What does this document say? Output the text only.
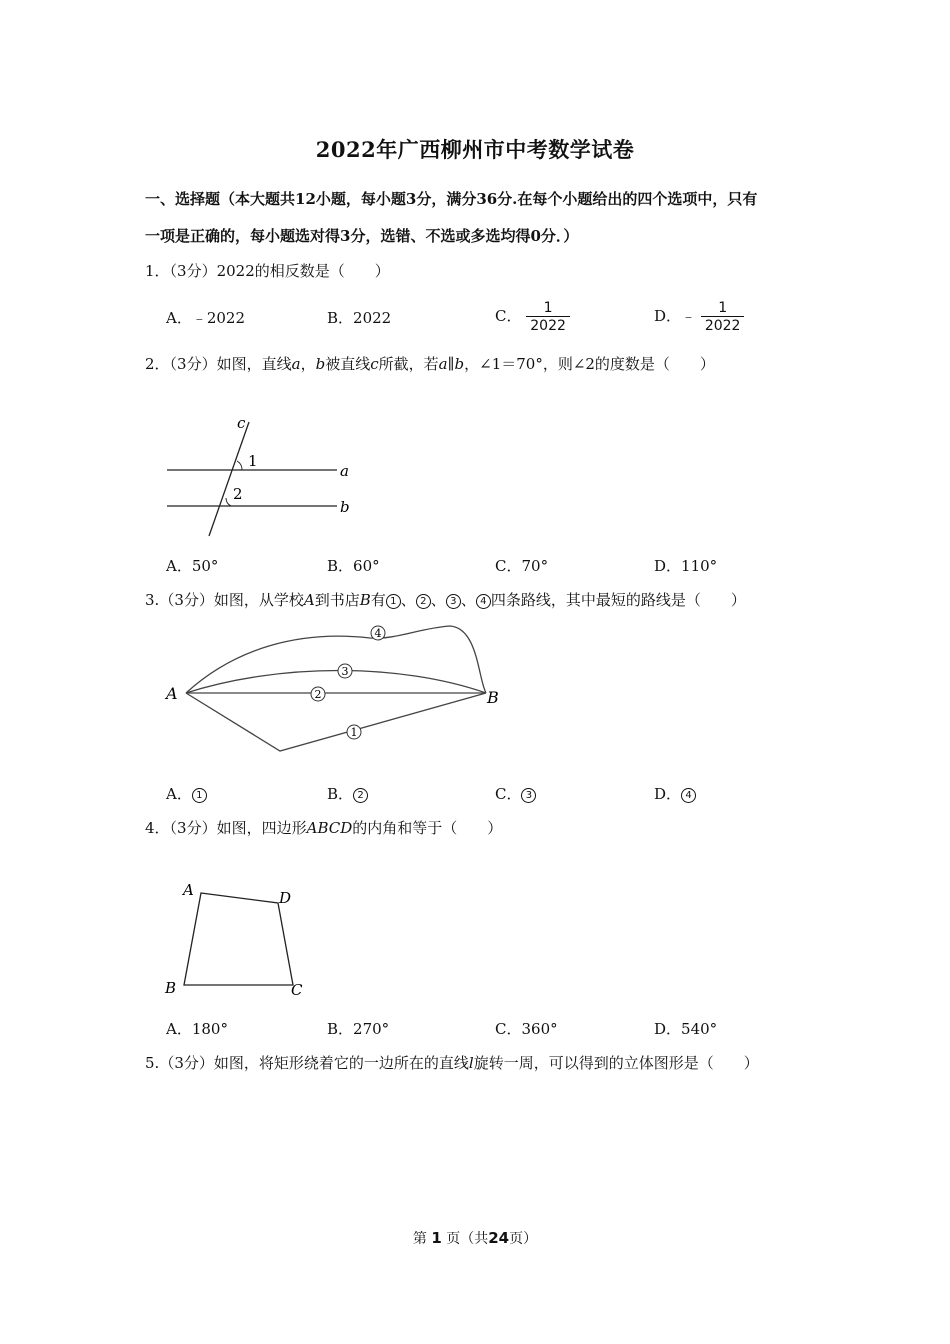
2022年广西柳州市中考数学试卷
一、选择题（本大题共12小题，每小题3分，满分36分.在每个小题给出的四个选项中，只有
一项是正确的，每小题选对得3分，选错、不选或多选均得0分．）
1．（3分）2022的相反数是（　　）
A．﹣2022	B．2022	C． $\frac{1}{2022}$	D．﹣ $\frac{1}{2022}$
2．（3分）如图，直线a，b被直线c所截，若a∥b，∠1＝70°，则∠2的度数是（　　）
c
1
2
a
b
A．50°	B．60°	C．70°	D．110°
3.（3分）如图，从学校A到书店B有 1 、 2 、 3 、 4 四条路线，其中最短的路线是（　　）
4
3
2
1
A	B
A． 1	B． 2	C． 3	D． 4
4．（3分）如图，四边形ABCD的内角和等于（　　）
A	D
B	C
A．180°	B．270°	C．360°	D．540°
5.（3分）如图，将矩形绕着它的一边所在的直线l旋转一周，可以得到的立体图形是（　　）
第 1 页（共24页）
